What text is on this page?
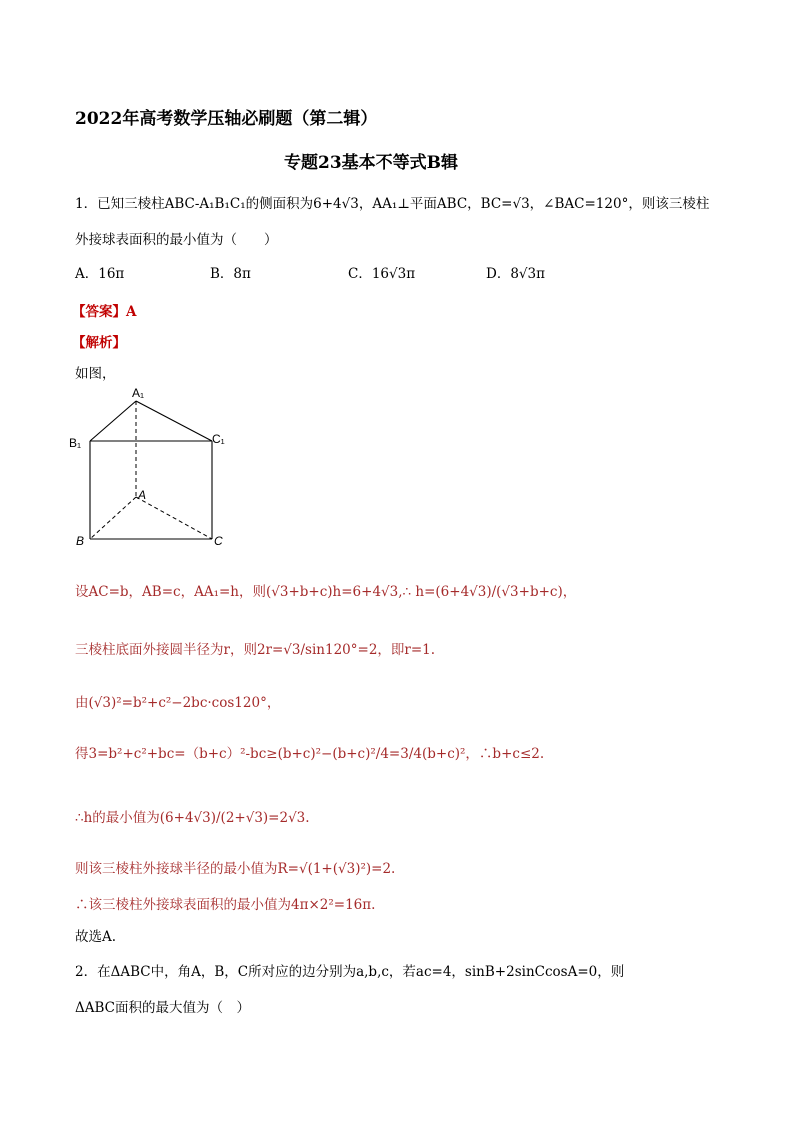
2022年高考数学压轴必刷题（第二辑）
专题23基本不等式B辑
1．已知三棱柱ABC-A₁B₁C₁的侧面积为6+4√3，AA₁⊥平面ABC，BC=√3，∠BAC=120°，则该三棱柱
外接球表面积的最小值为（　　）
A．16π	B．8π	C．16√3π	D．8√3π
【答案】A
【解析】
如图，
A₁
B₁	C₁
A
B	C
设AC=b，AB=c，AA₁=h，则(√3+b+c)h=6+4√3,∴ h=(6+4√3)/(√3+b+c)，
三棱柱底面外接圆半径为r，则2r=√3/sin120°=2，即r=1.
由(√3)²=b²+c²−2bc·cos120°，
得3=b²+c²+bc=（b+c）²-bc≥(b+c)²−(b+c)²/4=3/4(b+c)²，∴b+c≤2.
∴h的最小值为(6+4√3)/(2+√3)=2√3.
则该三棱柱外接球半径的最小值为R=√(1+(√3)²)=2.
∴该三棱柱外接球表面积的最小值为4π×2²=16π.
故选A.
2．在ΔABC中，角A，B，C所对应的边分别为a,b,c，若ac=4，sinB+2sinCcosA=0，则
ΔABC面积的最大值为（　）
